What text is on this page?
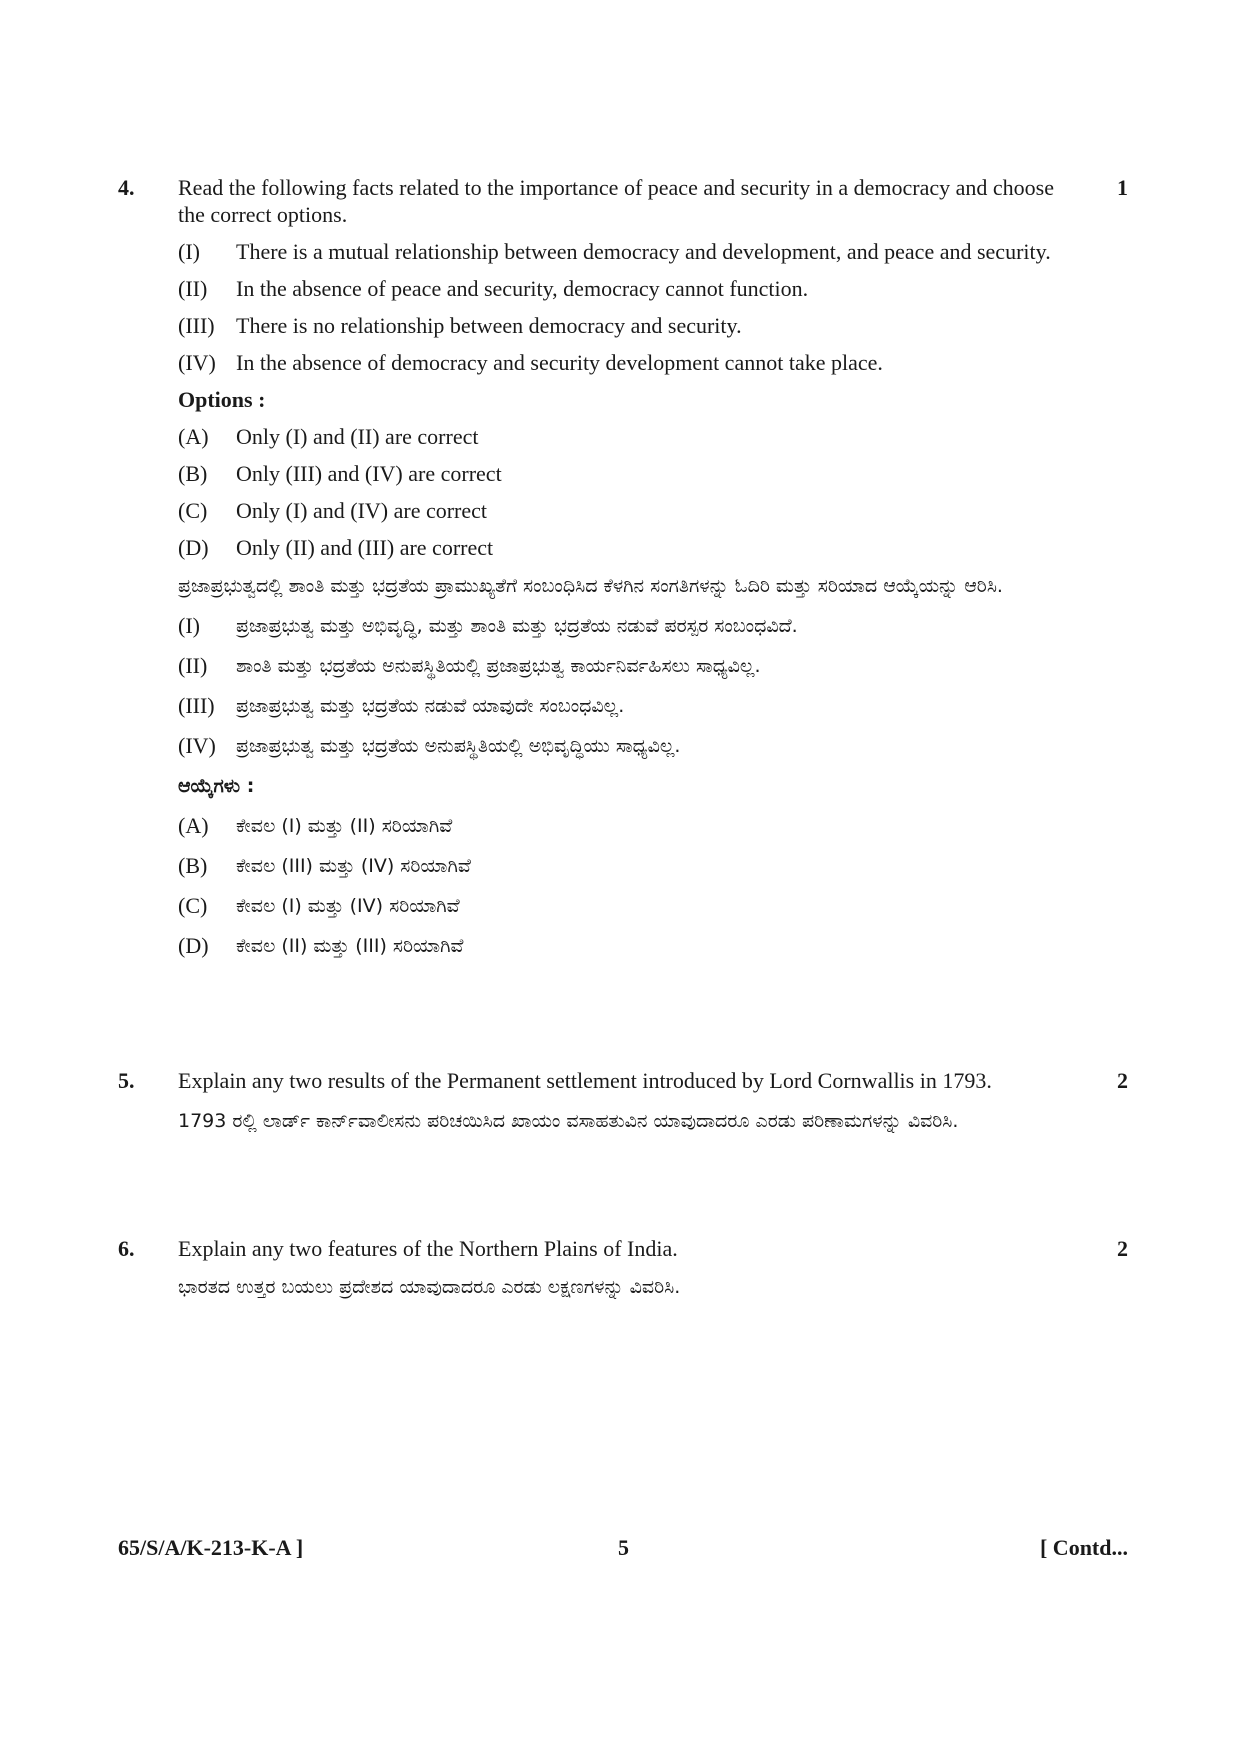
4.	1

Read the following facts related to the importance of peace and security in a democracy and choose the correct options.

(I)	There is a mutual relationship between democracy and development, and peace and security.
(II)	In the absence of peace and security, democracy cannot function.
(III) There is no relationship between democracy and security.
(IV) In the absence of democracy and security development cannot take place.
Options :
(A)	Only (I) and (II) are correct
(B)	Only (III) and (IV) are correct
(C)	Only (I) and (IV) are correct
(D)	Only (II) and (III) are correct

ಪ್ರಜಾಪ್ರಭುತ್ವದಲ್ಲಿ ಶಾಂತಿ ಮತ್ತು ಭದ್ರತೆಯ ಪ್ರಾಮುಖ್ಯತೆಗೆ ಸಂಬಂಧಿಸಿದ ಕೆಳಗಿನ ಸಂಗತಿಗಳನ್ನು ಓದಿರಿ ಮತ್ತು ಸರಿಯಾದ ಆಯ್ಕೆಯನ್ನು ಆರಿಸಿ.

(I)	ಪ್ರಜಾಪ್ರಭುತ್ವ ಮತ್ತು ಅಭಿವೃದ್ಧಿ, ಮತ್ತು ಶಾಂತಿ ಮತ್ತು ಭದ್ರತೆಯ ನಡುವೆ ಪರಸ್ಪರ ಸಂಬಂಧವಿದೆ.
(II)	ಶಾಂತಿ ಮತ್ತು ಭದ್ರತೆಯ ಅನುಪಸ್ಥಿತಿಯಲ್ಲಿ ಪ್ರಜಾಪ್ರಭುತ್ವ ಕಾರ್ಯನಿರ್ವಹಿಸಲು ಸಾಧ್ಯವಿಲ್ಲ.
(III)	ಪ್ರಜಾಪ್ರಭುತ್ವ ಮತ್ತು ಭದ್ರತೆಯ ನಡುವೆ ಯಾವುದೇ ಸಂಬಂಧವಿಲ್ಲ.
(IV)	ಪ್ರಜಾಪ್ರಭುತ್ವ ಮತ್ತು ಭದ್ರತೆಯ ಅನುಪಸ್ಥಿತಿಯಲ್ಲಿ ಅಭಿವೃದ್ಧಿಯು ಸಾಧ್ಯವಿಲ್ಲ.
ಆಯ್ಕೆಗಳು :
(A)	ಕೇವಲ (I) ಮತ್ತು (II) ಸರಿಯಾಗಿವೆ
(B)	ಕೇವಲ (III) ಮತ್ತು (IV) ಸರಿಯಾಗಿವೆ
(C)	ಕೇವಲ (I) ಮತ್ತು (IV) ಸರಿಯಾಗಿವೆ
(D)	ಕೇವಲ (II) ಮತ್ತು (III) ಸರಿಯಾಗಿವೆ
5.	2

Explain any two results of the Permanent settlement introduced by Lord Cornwallis in 1793.

1793 ರಲ್ಲಿ ಲಾರ್ಡ್ ಕಾರ್ನ್‌ವಾಲೀಸನು ಪರಿಚಯಿಸಿದ ಖಾಯಂ ವಸಾಹತುವಿನ ಯಾವುದಾದರೂ ಎರಡು ಪರಿಣಾಮಗಳನ್ನು ವಿವರಿಸಿ.

6.	2

Explain any two features of the Northern Plains of India.

ಭಾರತದ ಉತ್ತರ ಬಯಲು ಪ್ರದೇಶದ ಯಾವುದಾದರೂ ಎರಡು ಲಕ್ಷಣಗಳನ್ನು ವಿವರಿಸಿ.

65/S/A/K-213-K-A ]	5	[ Contd...
